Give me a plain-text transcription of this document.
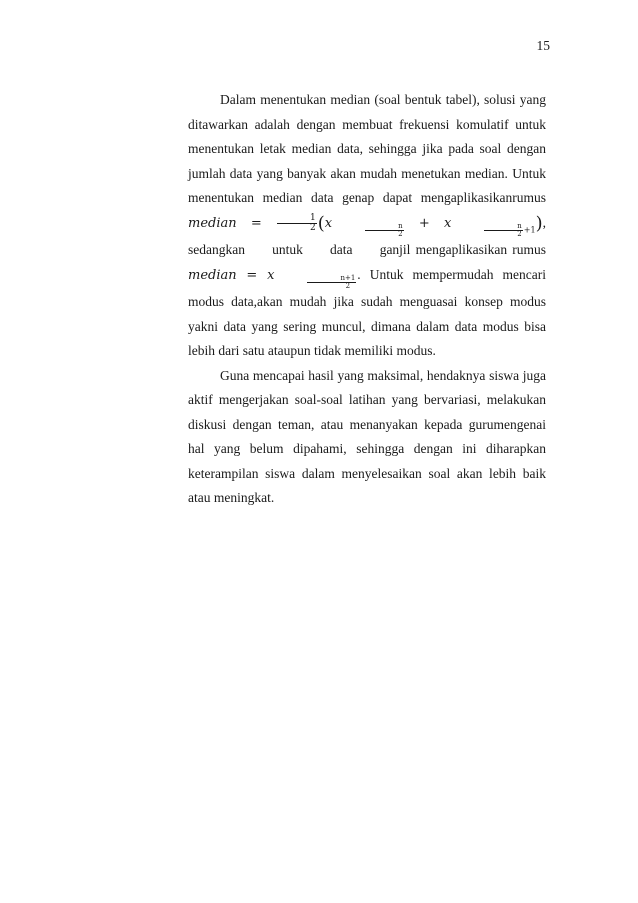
15

Dalam menentukan median (soal bentuk tabel), solusi yang ditawarkan adalah dengan membuat frekuensi komulatif untuk menentukan letak median data, sehingga jika pada soal dengan jumlah data yang banyak akan mudah menetukan median. Untuk menentukan median data genap dapat mengaplikasikanrumus median = $\frac{1}{2} (x$	$\frac{n}{2} + x$	$\frac{n}{2} +1$), sedangkan untuk data ganjil mengaplikasikan rumus median = x	$\frac{n+1}{2}$
. Untuk mempermudah mencari modus data,akan mudah jika sudah menguasai konsep modus yakni data yang sering muncul, dimana dalam data modus bisa lebih dari satu ataupun tidak memiliki modus.

Guna mencapai hasil yang maksimal, hendaknya siswa juga aktif mengerjakan soal-soal latihan yang bervariasi, melakukan diskusi dengan teman, atau menanyakan kepada gurumengenai hal yang belum dipahami, sehingga dengan ini diharapkan keterampilan siswa dalam menyelesaikan soal akan lebih baik atau meningkat.
